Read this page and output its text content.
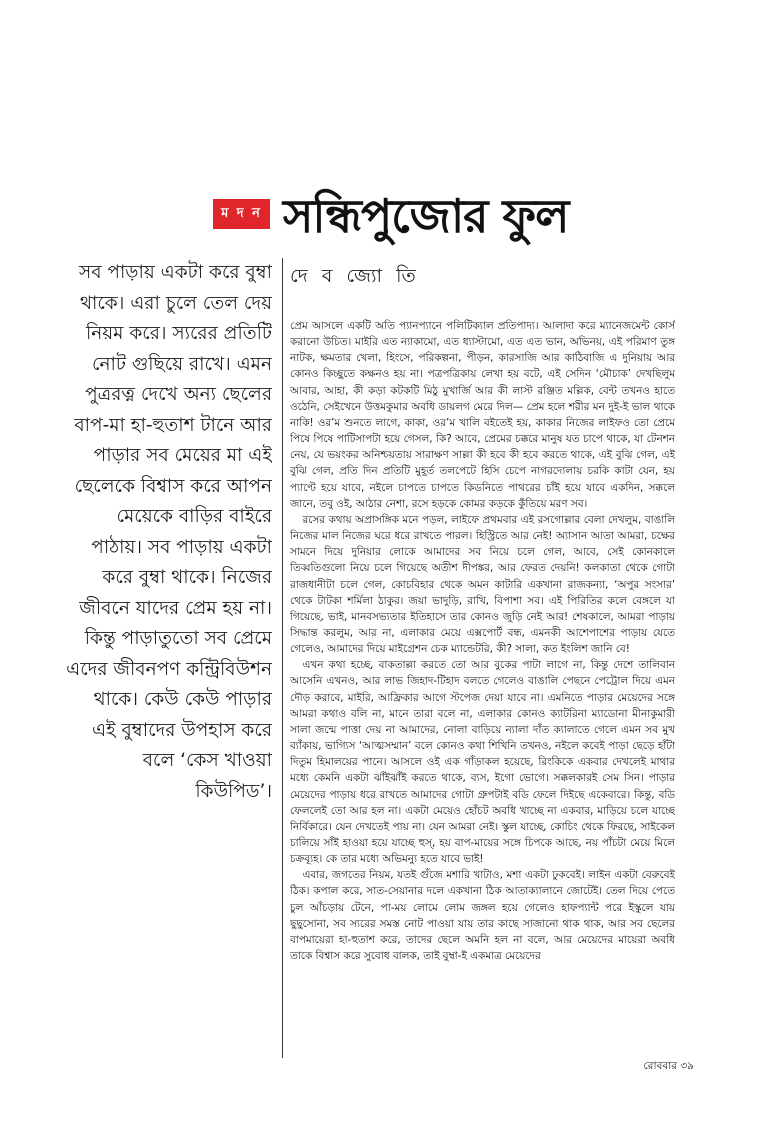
ম দ ন সন্ধিপুজোর ফুল

সব পাড়ায় একটা করে বুম্বা থাকে। এরা চুলে তেল দেয় নিয়ম করে। স্যরের প্রতিটি নোট গুছিয়ে রাখে। এমন পুত্ররত্ন দেখে অন্য ছেলের বাপ-মা হা-হুতাশ টানে আর পাড়ার সব মেয়ের মা এই ছেলেকে বিশ্বাস করে আপন মেয়েকে বাড়ির বাইরে পাঠায়। সব পাড়ায় একটা করে বুম্বা থাকে। নিজের জীবনে যাদের প্রেম হয় না। কিন্তু পাড়াতুতো সব প্রেমে এদের জীবনপণ কন্ট্রিবিউশন থাকে। কেউ কেউ পাড়ার এই বুম্বাদের উপহাস করে বলে ‘কেস খাওয়া কিউপিড’।

দে ব জ্যো তি

প্রেম আসলে একটি অতি প্যানপ্যানে পলিটিক্যাল প্রতিপাদ্য। আলাদা করে ম্যানেজমেন্ট কোর্স করানো উচিত। মাইরি এত ন্যাকামো, এত ধ্যাস্টামো, এত এত ভান, অভিনয়, এই পরিমাণ তুঙ্গ নাটক, ক্ষমতার খেলা, হিংসে, পরিকল্পনা, পীড়ন, কারসাজি আর কাঠিবাজি এ দুনিয়ায় আর কোনও কিচ্ছুতে কক্ষনও হয় না। পত্রপত্রিকায় লেখা হয় বটে, এই সেদিন ‘মৌচাক’ দেখছিলুম আবার, আহা, কী কড়া কটকটি মিঠু মুখার্জি আর কী লাস্ট রঞ্জিত মল্লিক, বেন্ট তখনও হাতে ওঠেনি, সেইখেনে উত্তমকুমার অবধি ডায়লগ মেরে দিল— প্রেম হলে শরীর মন দুই-ই ভাল থাকে নাকি! ওর’ম শুনতে লাগে, কাকা, ওর’ম খালি বইতেই হয়, কাকার নিজের লাইফও তো প্রেমে পিষে পিষে পাটিসাপটা হয়ে গেসল, কি? আবে, প্রেমের চক্করে মানুষ যত চাপে থাকে, যা টেনশন নেয়, যে ভয়ংকর অনিশ্চয়তায় সারাক্ষণ সাল্লা কী হবে কী হবে করতে থাকে, এই বুঝি গেল, এই বুঝি গেল, প্রতি দিন প্রতিটি মুহূর্ত তলপেটে হিসি চেপে নাগরদোলায় চরকি কাটা যেন, হয় প্যাণ্টে হয়ে যাবে, নইলে চাপতে চাপতে কিডনিতে পাথরের চাঁই হয়ে যাবে একদিন, সক্কলে জানে, তবু ওই, আঠার নেশা, রসে হড়কে কোমর কড়কে কুঁতিয়ে মরণ সব।

রসের কথায় অপ্রাসঙ্গিক মনে পড়ল, লাইফে প্রথমবার এই রসগোল্লার বেলা দেখলুম, বাঙালি নিজের মাল নিজের ঘরে ধরে রাখতে পারল। হিস্ট্রিতে আর নেই! অ্যাসান আতা আমরা, চক্ষের সামনে দিয়ে দুনিয়ার লোকে আমাদের সব নিয়ে চলে গেল, আবে, সেই কোনকালে তিব্বতিগুলো নিয়ে চলে গিয়েছে অতীশ দীপঙ্কর, আর ফেরত দেয়নি! কলকাতা থেকে গোটা রাজধানীটা চলে গেল, কোচবিহার থেকে অমন কাটারি একখানা রাজকন্যা, ‘অপুর সংসার’ থেকে টাটকা শর্মিলা ঠাকুর। জয়া ভাদুড়ি, রাখি, বিপাশা সব। এই পিরিতির কলে বেঙ্গলে যা গিয়েছে, ভাই, মানবসভ্যতার ইতিহাসে তার কোনও জুড়ি নেই আর! শেষকালে, আমরা পাড়ায় সিদ্ধান্ত করলুম, আর না, এলাকার মেয়ে এক্সপোর্ট বন্ধ, এমনকী আশেপাশের পাড়ায় যেতে গেলেও, আমাদের দিয়ে মাইগ্রেশন চেক ম্যান্ডেটরি, কী? সালা, কত ইংলিশ জানি বে!

এখন কথা হচ্ছে, বাকতাল্লা করতে তো আর বুকের পাটা লাগে না, কিন্তু দেশে তালিবান আসেনি এখনও, আর লাভ জিহাদ-টিহাদ বলতে গেলেও বাঙালি পেছনে পেট্রোল দিয়ে এমন দৌড় করাবে, মাইরি, আফ্রিকার আগে স্টপেজ দেয়া যাবে না। এমনিতে পাড়ার মেয়েদের সঙ্গে আমরা কথাও বলি না, মানে তারা বলে না, এলাকার কোনও ক্যাটরিনা ম্যাডোনা মীনাকুমারী সালা জন্মে পাত্তা দেয় না আমাদের, নোলা বাড়িয়ে ন্যালা দাঁত ক্যালাতে গেলে এমন সব মুখ ব্যাঁকায়, ভাগ্যিস ‘আত্মসম্মান’ বলে কোনও কথা শিখিনি তখনও, নইলে কবেই পাড়া ছেড়ে হাঁটা দিতুম হিমালয়ের পানে। আসলে ওই এক গাঁড়াকল হয়েছে, রিংকিকে একবার দেখলেই মাথার মধ্যে কেমনি একটা ঝাঁইঝাঁই করতে থাকে, ব্যস, ইগো ভোগে। সক্কলকারই সেম সিন। পাড়ার মেয়েদের পাড়ায় ধরে রাখতে আমাদের গোটা গ্রুপটাই বডি ফেলে দিইছে একেবারে। কিন্তু, বডি ফেললেই তো আর হল না। একটা মেয়েও হোঁচট অবধি খাচ্ছে না একবার, মাড়িয়ে চলে যাচ্ছে নির্বিকারে। যেন দেখতেই পায় না। যেন আমরা নেই। স্কুল যাচ্ছে, কোচিং থেকে ফিরছে, সাইকেল চালিয়ে সাঁই হাওয়া হয়ে যাচ্ছে হুস্, হয় বাপ-মায়ের সঙ্গে চিপকে আছে, নয় পাঁচটা মেয়ে মিলে চক্রব্যূহ। কে তার মধ্যে অভিমন্যু হতে যাবে ভাই!

এবার, জগতের নিয়ম, যতই গুঁজে মশারি খাটাও, মশা একটা ঢুকবেই। লাইন একটা বেরুবেই ঠিক। কপাল করে, সাত-সেয়ানার দলে একখানা ঠিক আতাক্যালানে জোটেই। তেল দিয়ে পেতে চুল আঁচড়ায় টেনে, পা-ময় লোমে লোম জঙ্গল হয়ে গেলেও হাফপ্যান্ট পরে ইস্কুলে যায় ছুছুসোনা, সব স্যরের সমস্ত নোট পাওয়া যায় তার কাছে সাজানো থাক থাক, আর সব ছেলের বাপমায়েরা হা-হুতাশ করে, তাদের ছেলে অমনি হল না বলে, আর মেয়েদের মায়েরা অবধি তাকে বিশ্বাস করে সুবোধ বালক, তাই বুম্বা-ই একমাত্র মেয়েদের

রোববার ৩৯
